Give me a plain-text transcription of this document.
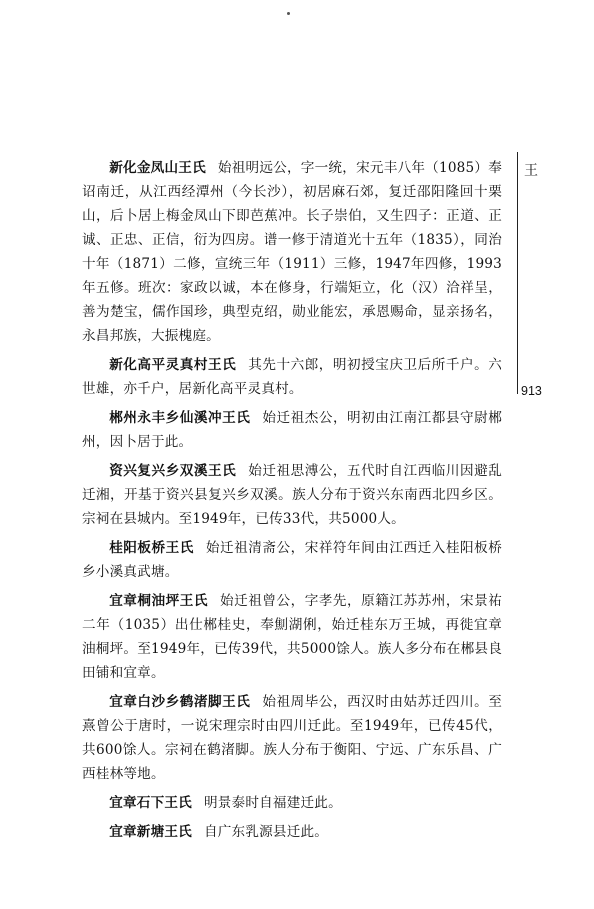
新化金凤山王氏 始祖明远公，字一统，宋元丰八年（1085）奉诏南迁，从江西经潭州（今长沙），初居麻石郊，复迁邵阳隆回十栗山，后卜居上梅金凤山下即芭蕉冲。长子崇伯，又生四子：正道、正诚、正忠、正信，衍为四房。谱一修于清道光十五年（1835），同治十年（1871）二修，宣统三年（1911）三修，1947年四修，1993年五修。班次：家政以诚，本在修身，行端矩立，化（汉）洽祥呈，善为楚宝，儒作国珍，典型克绍，勋业能宏，承恩赐命，显亲扬名，永昌邦族，大振槐庭。

新化高平灵真村王氏 其先十六郎，明初授宝庆卫后所千户。六世雄，亦千户，居新化高平灵真村。

郴州永丰乡仙溪冲王氏 始迁祖杰公，明初由江南江都县守尉郴州，因卜居于此。

资兴复兴乡双溪王氏 始迁祖思溥公，五代时自江西临川因避乱迁湘，开基于资兴县复兴乡双溪。族人分布于资兴东南西北四乡区。宗祠在县城内。至1949年，已传33代，共5000人。

桂阳板桥王氏 始迁祖清斋公，宋祥符年间由江西迁入桂阳板桥乡小溪真武塘。

宜章桐油坪王氏 始迁祖曾公，字孝先，原籍江苏苏州，宋景祐二年（1035）出仕郴桂史，奉劁湖俐，始迁桂东万王城，再徙宜章油桐坪。至1949年，已传39代，共5000馀人。族人多分布在郴县良田铺和宜章。

宜章白沙乡鹤渚脚王氏 始祖周毕公，西汉时由姑苏迁四川。至熹曾公于唐时，一说宋理宗时由四川迁此。至1949年，已传45代，共600馀人。宗祠在鹤渚脚。族人分布于衡阳、宁远、广东乐昌、广西桂林等地。

宜章石下王氏 明景泰时自福建迁此。

宜章新塘王氏 自广东乳源县迁此。

王
913
